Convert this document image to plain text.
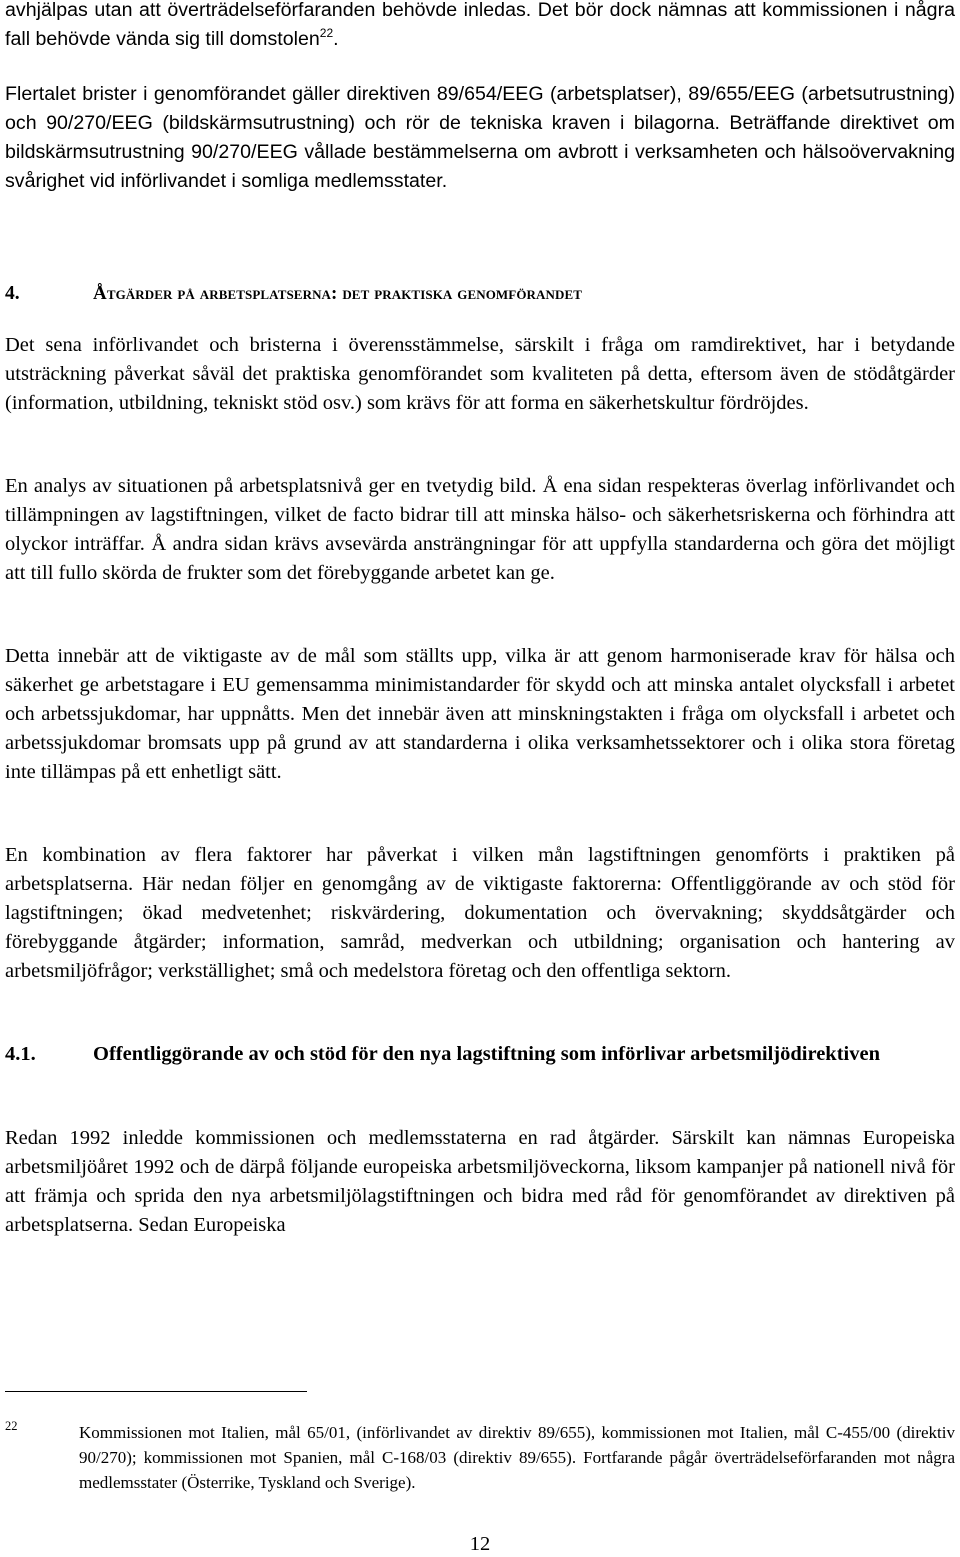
avhjälpas utan att överträdelseförfaranden behövde inledas. Det bör dock nämnas att kommissionen i några fall behövde vända sig till domstolen$^{22}$.

Flertalet brister i genomförandet gäller direktiven 89/654/EEG (arbetsplatser), 89/655/EEG (arbetsutrustning) och 90/270/EEG (bildskärmsutrustning) och rör de tekniska kraven i bilagorna. Beträffande direktivet om bildskärmsutrustning 90/270/EEG vållade bestämmelserna om avbrott i verksamheten och hälsoövervakning svårighet vid införlivandet i somliga medlemsstater.

4.	Åtgärder på arbetsplatserna: det praktiska genomförandet

Det sena införlivandet och bristerna i överensstämmelse, särskilt i fråga om ramdirektivet, har i betydande utsträckning påverkat såväl det praktiska genomförandet som kvaliteten på detta, eftersom även de stödåtgärder (information, utbildning, tekniskt stöd osv.) som krävs för att forma en säkerhetskultur fördröjdes.

En analys av situationen på arbetsplatsnivå ger en tvetydig bild. Å ena sidan respekteras överlag införlivandet och tillämpningen av lagstiftningen, vilket de facto bidrar till att minska hälso- och säkerhetsriskerna och förhindra att olyckor inträffar. Å andra sidan krävs avsevärda ansträngningar för att uppfylla standarderna och göra det möjligt att till fullo skörda de frukter som det förebyggande arbetet kan ge.

Detta innebär att de viktigaste av de mål som ställts upp, vilka är att genom harmoniserade krav för hälsa och säkerhet ge arbetstagare i EU gemensamma minimistandarder för skydd och att minska antalet olycksfall i arbetet och arbetssjukdomar, har uppnåtts. Men det innebär även att minskningstakten i fråga om olycksfall i arbetet och arbetssjukdomar bromsats upp på grund av att standarderna i olika verksamhetssektorer och i olika stora företag inte tillämpas på ett enhetligt sätt.

En kombination av flera faktorer har påverkat i vilken mån lagstiftningen genomförts i praktiken på arbetsplatserna. Här nedan följer en genomgång av de viktigaste faktorerna: Offentliggörande av och stöd för lagstiftningen; ökad medvetenhet; riskvärdering, dokumentation och övervakning; skyddsåtgärder och förebyggande åtgärder; information, samråd, medverkan och utbildning; organisation och hantering av arbetsmiljöfrågor; verkställighet; små och medelstora företag och den offentliga sektorn.

4.1.	Offentliggörande av och stöd för den nya lagstiftning som införlivar arbetsmiljödirektiven

Redan 1992 inledde kommissionen och medlemsstaterna en rad åtgärder. Särskilt kan nämnas Europeiska arbetsmiljöåret 1992 och de därpå följande europeiska arbetsmiljöveckorna, liksom kampanjer på nationell nivå för att främja och sprida den nya arbetsmiljölagstiftningen och bidra med råd för genomförandet av direktiven på arbetsplatserna. Sedan Europeiska

22	Kommissionen mot Italien, mål 65/01, (införlivandet av direktiv 89/655), kommissionen mot Italien, mål C-455/00 (direktiv 90/270); kommissionen mot Spanien, mål C-168/03 (direktiv 89/655). Fortfarande pågår överträdelseförfaranden mot några medlemsstater (Österrike, Tyskland och Sverige).
12
